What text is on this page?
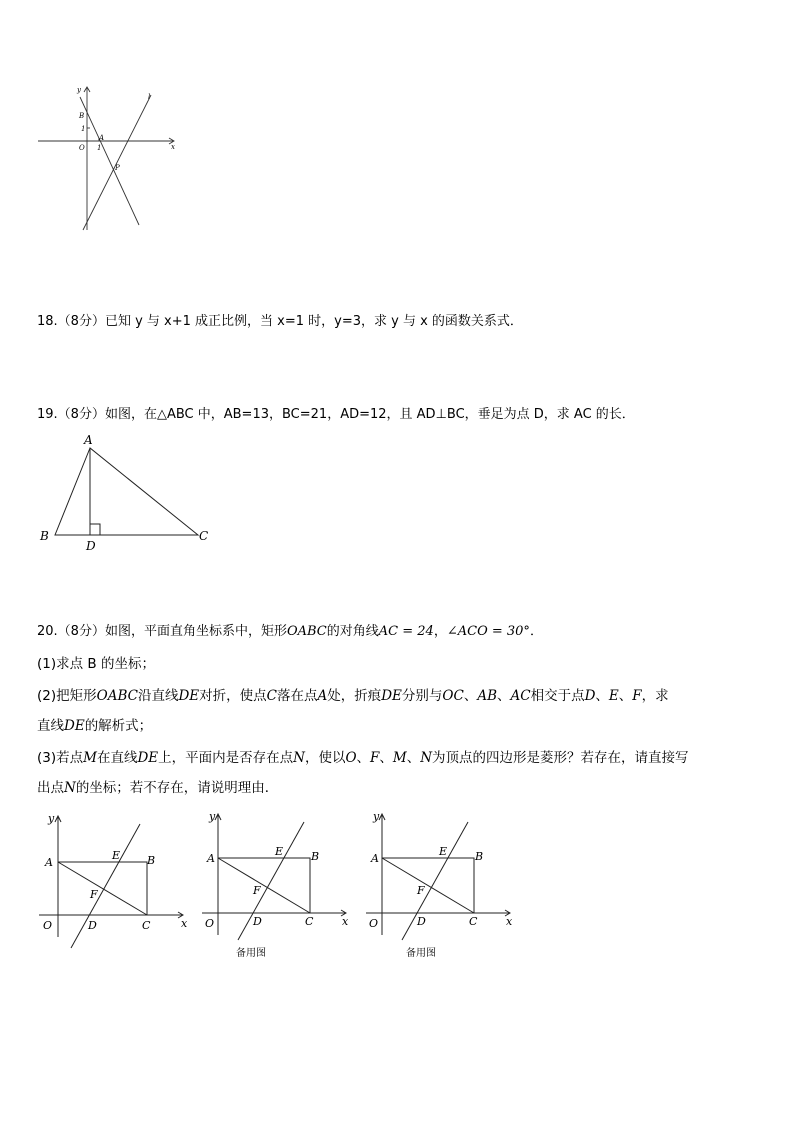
y
x
O
B
1
A
1
P
l
18.（8分）已知 y 与 x+1 成正比例，当 x=1 时，y=3，求 y 与 x 的函数关系式．
19.（8分）如图，在△ABC 中，AB=13，BC=21，AD=12，且 AD⊥BC，垂足为点 D，求 AC 的长．
A
B	C
D
20.（8分）如图，平面直角坐标系中，矩形OABC的对角线AC = 24，∠ACO = 30°．
(1)求点 B 的坐标；
(2)把矩形OABC沿直线DE对折，使点C落在点A处，折痕DE分别与OC、AB、AC相交于点D、E、F，求
直线DE的解析式；
(3)若点M在直线DE上，平面内是否存在点N，使以O、F、M、N为顶点的四边形是菱形？若存在，请直接写
出点N的坐标；若不存在，请说明理由．
y
x
O
A	B
C
D
E
F
y
x
O
A	B
C
D
E
F
备用图
y
x
O
A	B
C
D
E
F
备用图
